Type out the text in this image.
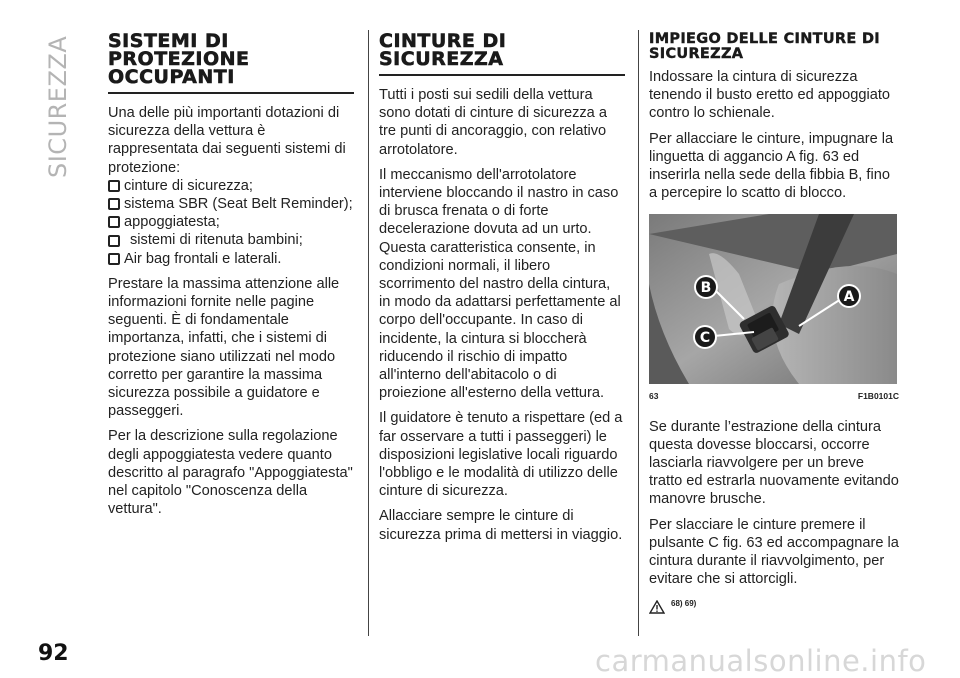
SICUREZZA
92
SISTEMI DI PROTEZIONE OCCUPANTI

Una delle più importanti dotazioni di sicurezza della vettura è rappresentata dai seguenti sistemi di protezione:

cinture di sicurezza;
sistema SBR (Seat Belt Reminder);
appoggiatesta;
sistemi di ritenuta bambini;
Air bag frontali e laterali.

Prestare la massima attenzione alle informazioni fornite nelle pagine seguenti. È di fondamentale importanza, infatti, che i sistemi di protezione siano utilizzati nel modo corretto per garantire la massima sicurezza possibile a guidatore e passeggeri.

Per la descrizione sulla regolazione degli appoggiatesta vedere quanto descritto al paragrafo "Appoggiatesta" nel capitolo "Conoscenza della vettura".

CINTURE DI SICUREZZA

Tutti i posti sui sedili della vettura sono dotati di cinture di sicurezza a tre punti di ancoraggio, con relativo arrotolatore.

Il meccanismo dell'arrotolatore interviene bloccando il nastro in caso di brusca frenata o di forte decelerazione dovuta ad un urto. Questa caratteristica consente, in condizioni normali, il libero scorrimento del nastro della cintura, in modo da adattarsi perfettamente al corpo dell'occupante. In caso di incidente, la cintura si bloccherà riducendo il rischio di impatto all'interno dell'abitacolo o di proiezione all'esterno della vettura.

Il guidatore è tenuto a rispettare (ed a far osservare a tutti i passeggeri) le disposizioni legislative locali riguardo l'obbligo e le modalità di utilizzo delle cinture di sicurezza.

Allacciare sempre le cinture di sicurezza prima di mettersi in viaggio.

IMPIEGO DELLE CINTURE DI SICUREZZA

Indossare la cintura di sicurezza tenendo il busto eretto ed appoggiato contro lo schienale.

Per allacciare le cinture, impugnare la linguetta di aggancio A fig. 63 ed inserirla nella sede della fibbia B, fino a percepire lo scatto di blocco.

B
C
A
63	F1B0101C

Se durante l’estrazione della cintura questa dovesse bloccarsi, occorre lasciarla riavvolgere per un breve tratto ed estrarla nuovamente evitando manovre brusche.

Per slacciare le cinture premere il pulsante C fig. 63 ed accompagnare la cintura durante il riavvolgimento, per evitare che si attorcigli.

68) 69)
carmanualsonline.info
